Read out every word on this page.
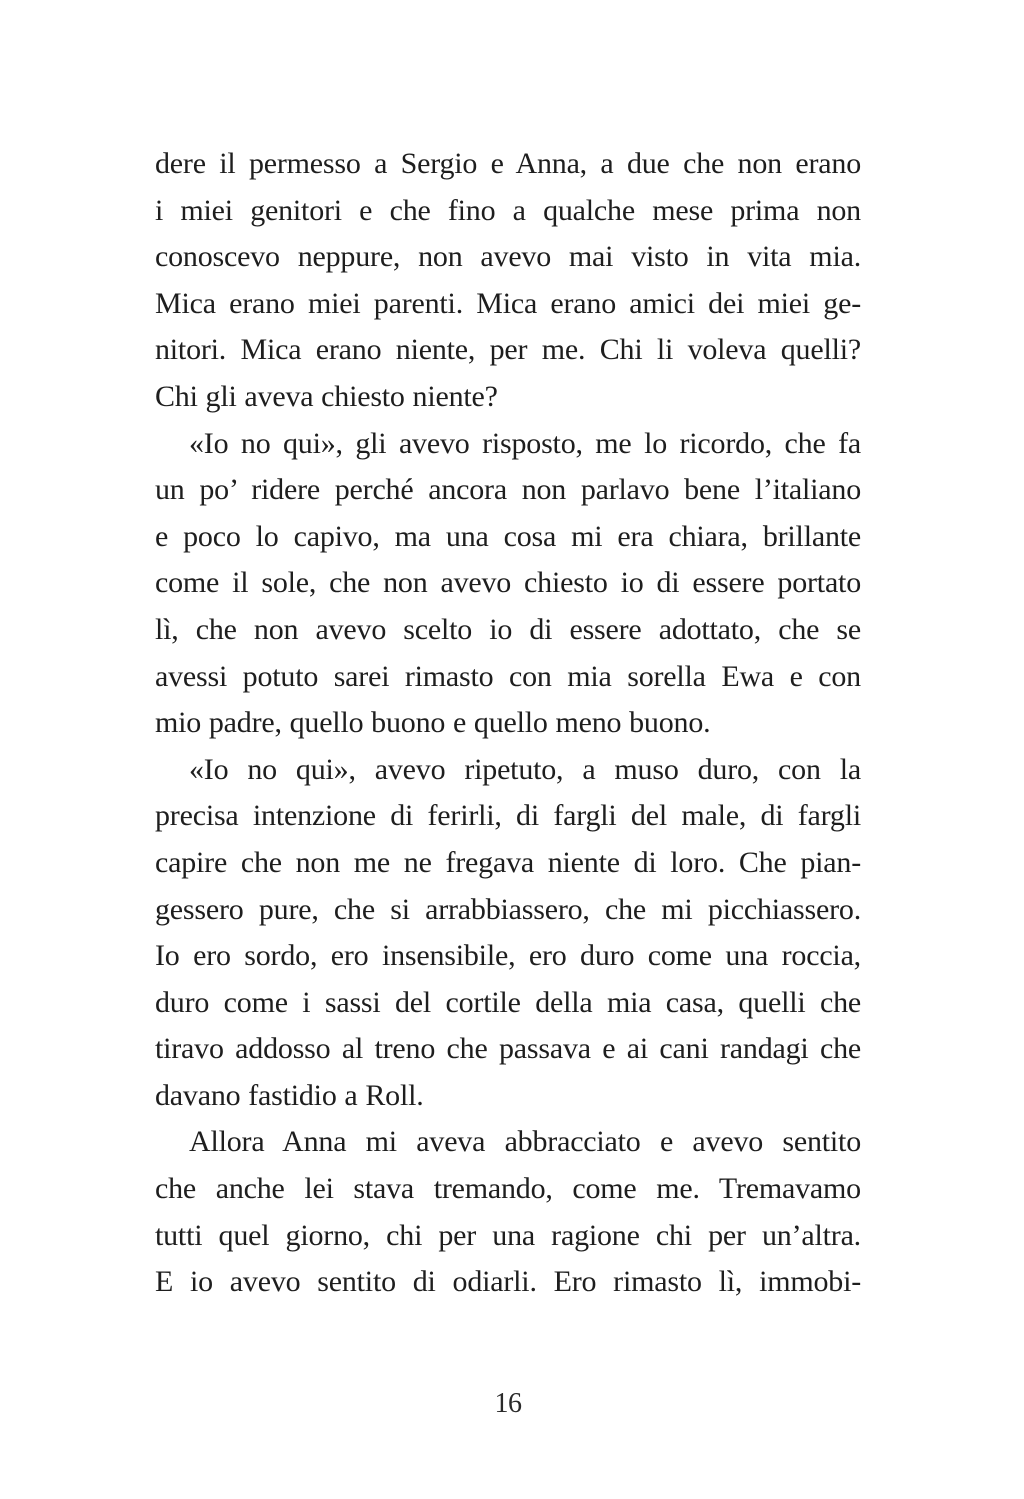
dere il permesso a Sergio e Anna, a due che non erano
i miei genitori e che fino a qualche mese prima non
conoscevo neppure, non avevo mai visto in vita mia.
Mica erano miei parenti. Mica erano amici dei miei ge-
nitori. Mica erano niente, per me. Chi li voleva quelli?
Chi gli aveva chiesto niente?
«Io no qui», gli avevo risposto, me lo ricordo, che fa
un po’ ridere perché ancora non parlavo bene l’italiano
e poco lo capivo, ma una cosa mi era chiara, brillante
come il sole, che non avevo chiesto io di essere portato
lì, che non avevo scelto io di essere adottato, che se
avessi potuto sarei rimasto con mia sorella Ewa e con
mio padre, quello buono e quello meno buono.
«Io no qui», avevo ripetuto, a muso duro, con la
precisa intenzione di ferirli, di fargli del male, di fargli
capire che non me ne fregava niente di loro. Che pian-
gessero pure, che si arrabbiassero, che mi picchiassero.
Io ero sordo, ero insensibile, ero duro come una roccia,
duro come i sassi del cortile della mia casa, quelli che
tiravo addosso al treno che passava e ai cani randagi che
davano fastidio a Roll.
Allora Anna mi aveva abbracciato e avevo sentito
che anche lei stava tremando, come me. Tremavamo
tutti quel giorno, chi per una ragione chi per un’altra.
E io avevo sentito di odiarli. Ero rimasto lì, immobi-
16
